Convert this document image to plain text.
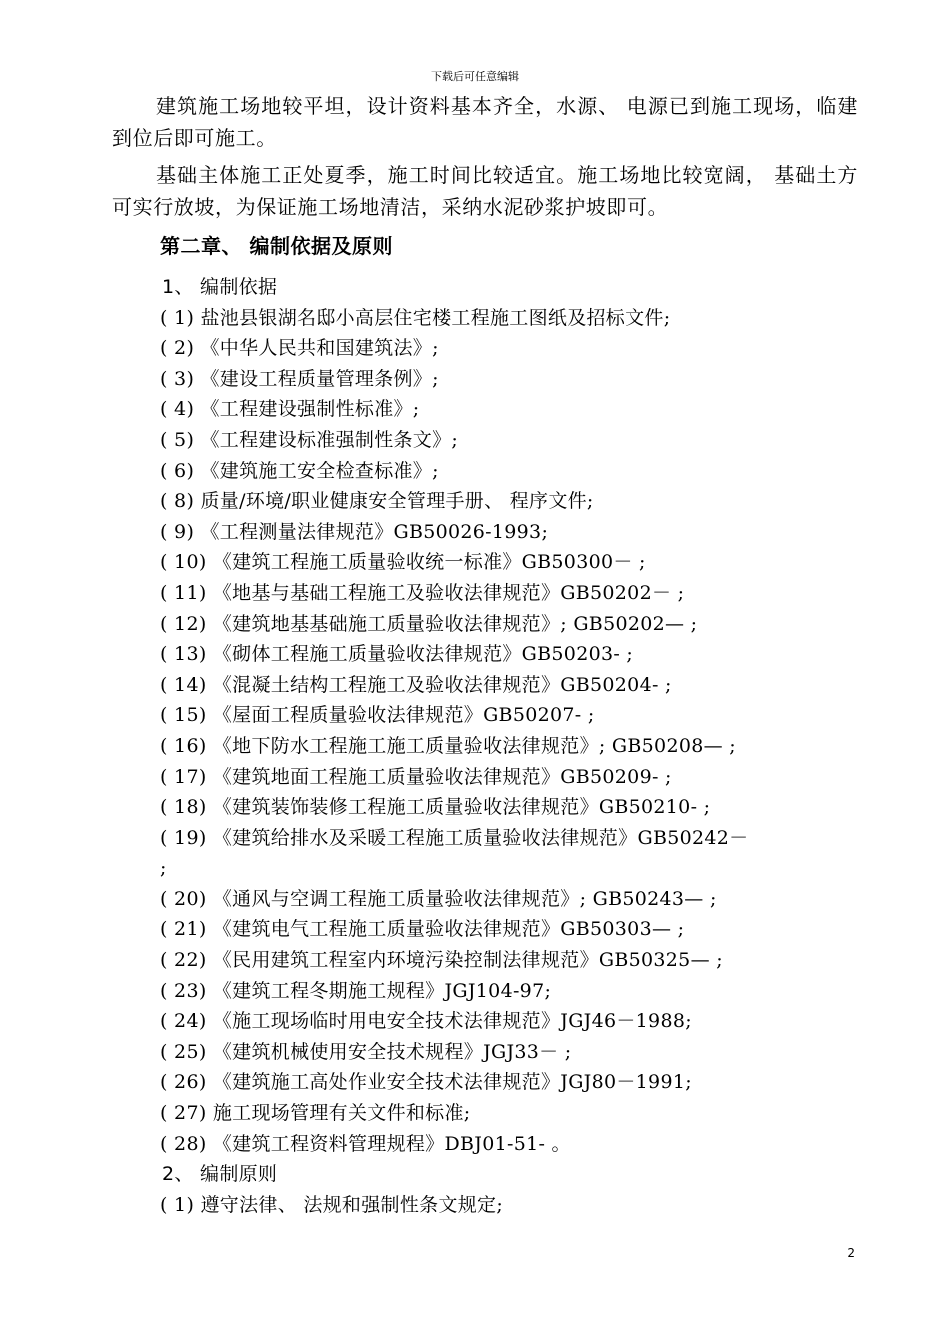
下载后可任意编辑

建筑施工场地较平坦，设计资料基本齐全，水源、 电源已到施工现场，临建到位后即可施工。

基础主体施工正处夏季，施工时间比较适宜。施工场地比较宽阔， 基础土方可实行放坡，为保证施工场地清洁，采纳水泥砂浆护坡即可。

第二章、 编制依据及原则
1、 编制依据
( 1) 盐池县银湖名邸小高层住宅楼工程施工图纸及招标文件;
( 2) 《中华人民共和国建筑法》;
( 3) 《建设工程质量管理条例》;
( 4) 《工程建设强制性标准》;
( 5) 《工程建设标准强制性条文》;
( 6) 《建筑施工安全检查标准》;
( 8) 质量/环境/职业健康安全管理手册、 程序文件;
( 9) 《工程测量法律规范》GB50026-1993;
( 10) 《建筑工程施工质量验收统一标准》GB50300－ ;
( 11) 《地基与基础工程施工及验收法律规范》GB50202－ ;
( 12) 《建筑地基基础施工质量验收法律规范》; GB50202— ;
( 13) 《砌体工程施工质量验收法律规范》GB50203- ;
( 14) 《混凝土结构工程施工及验收法律规范》GB50204- ;
( 15) 《屋面工程质量验收法律规范》GB50207- ;
( 16) 《地下防水工程施工施工质量验收法律规范》; GB50208— ;
( 17) 《建筑地面工程施工质量验收法律规范》GB50209- ;
( 18) 《建筑装饰装修工程施工质量验收法律规范》GB50210- ;
( 19) 《建筑给排水及采暖工程施工质量验收法律规范》GB50242－
;
( 20) 《通风与空调工程施工质量验收法律规范》; GB50243— ;
( 21) 《建筑电气工程施工质量验收法律规范》GB50303— ;
( 22) 《民用建筑工程室内环境污染控制法律规范》GB50325— ;
( 23) 《建筑工程冬期施工规程》JGJ104-97;
( 24) 《施工现场临时用电安全技术法律规范》JGJ46－1988;
( 25) 《建筑机械使用安全技术规程》JGJ33－ ;
( 26) 《建筑施工高处作业安全技术法律规范》JGJ80－1991;
( 27) 施工现场管理有关文件和标准;
( 28) 《建筑工程资料管理规程》DBJ01-51- 。
2、 编制原则
( 1) 遵守法律、 法规和强制性条文规定;
2
